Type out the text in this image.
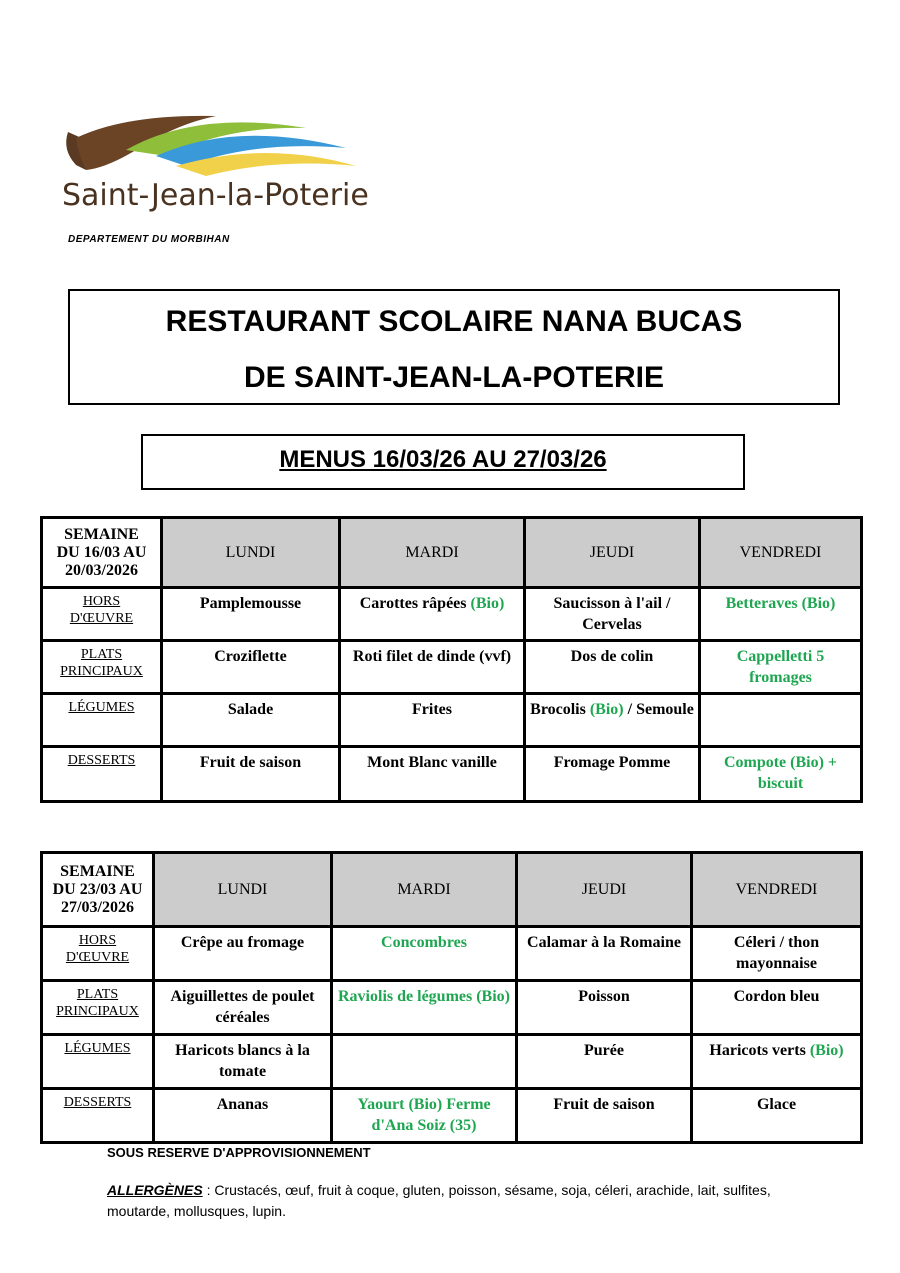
Saint-Jean-la-Poterie
DEPARTEMENT DU MORBIHAN
RESTAURANT SCOLAIRE NANA BUCAS
DE SAINT-JEAN-LA-POTERIE
MENUS 16/03/26 AU 27/03/26
SEMAINE
DU 16/03 AU
20/03/2026	LUNDI	MARDI	JEUDI	VENDREDI

HORS
D'ŒUVRE	Pamplemousse	Carottes râpées (Bio)	Saucisson à l'ail / Cervelas	Betteraves (Bio)

PLATS
PRINCIPAUX	Croziflette	Roti filet de dinde (vvf)	Dos de colin	Cappelletti 5 fromages

LÉGUMES	Salade	Frites	Brocolis (Bio) / Semoule	

DESSERTS	Fruit de saison	Mont Blanc vanille	Fromage Pomme	Compote (Bio) + biscuit
SEMAINE
DU 23/03 AU
27/03/2026	LUNDI	MARDI	JEUDI	VENDREDI

HORS
D'ŒUVRE	Crêpe au fromage	Concombres	Calamar à la Romaine	Céleri / thon mayonnaise

PLATS
PRINCIPAUX	Aiguillettes de poulet céréales	Raviolis de légumes (Bio)	Poisson	Cordon bleu

LÉGUMES	Haricots blancs à la tomate		Purée	Haricots verts (Bio)

DESSERTS	Ananas	Yaourt (Bio) Ferme d'Ana Soiz (35)	Fruit de saison	Glace
SOUS RESERVE D'APPROVISIONNEMENT
ALLERGÈNES : Crustacés, œuf, fruit à coque, gluten, poisson, sésame, soja, céleri, arachide, lait, sulfites, moutarde, mollusques, lupin.
